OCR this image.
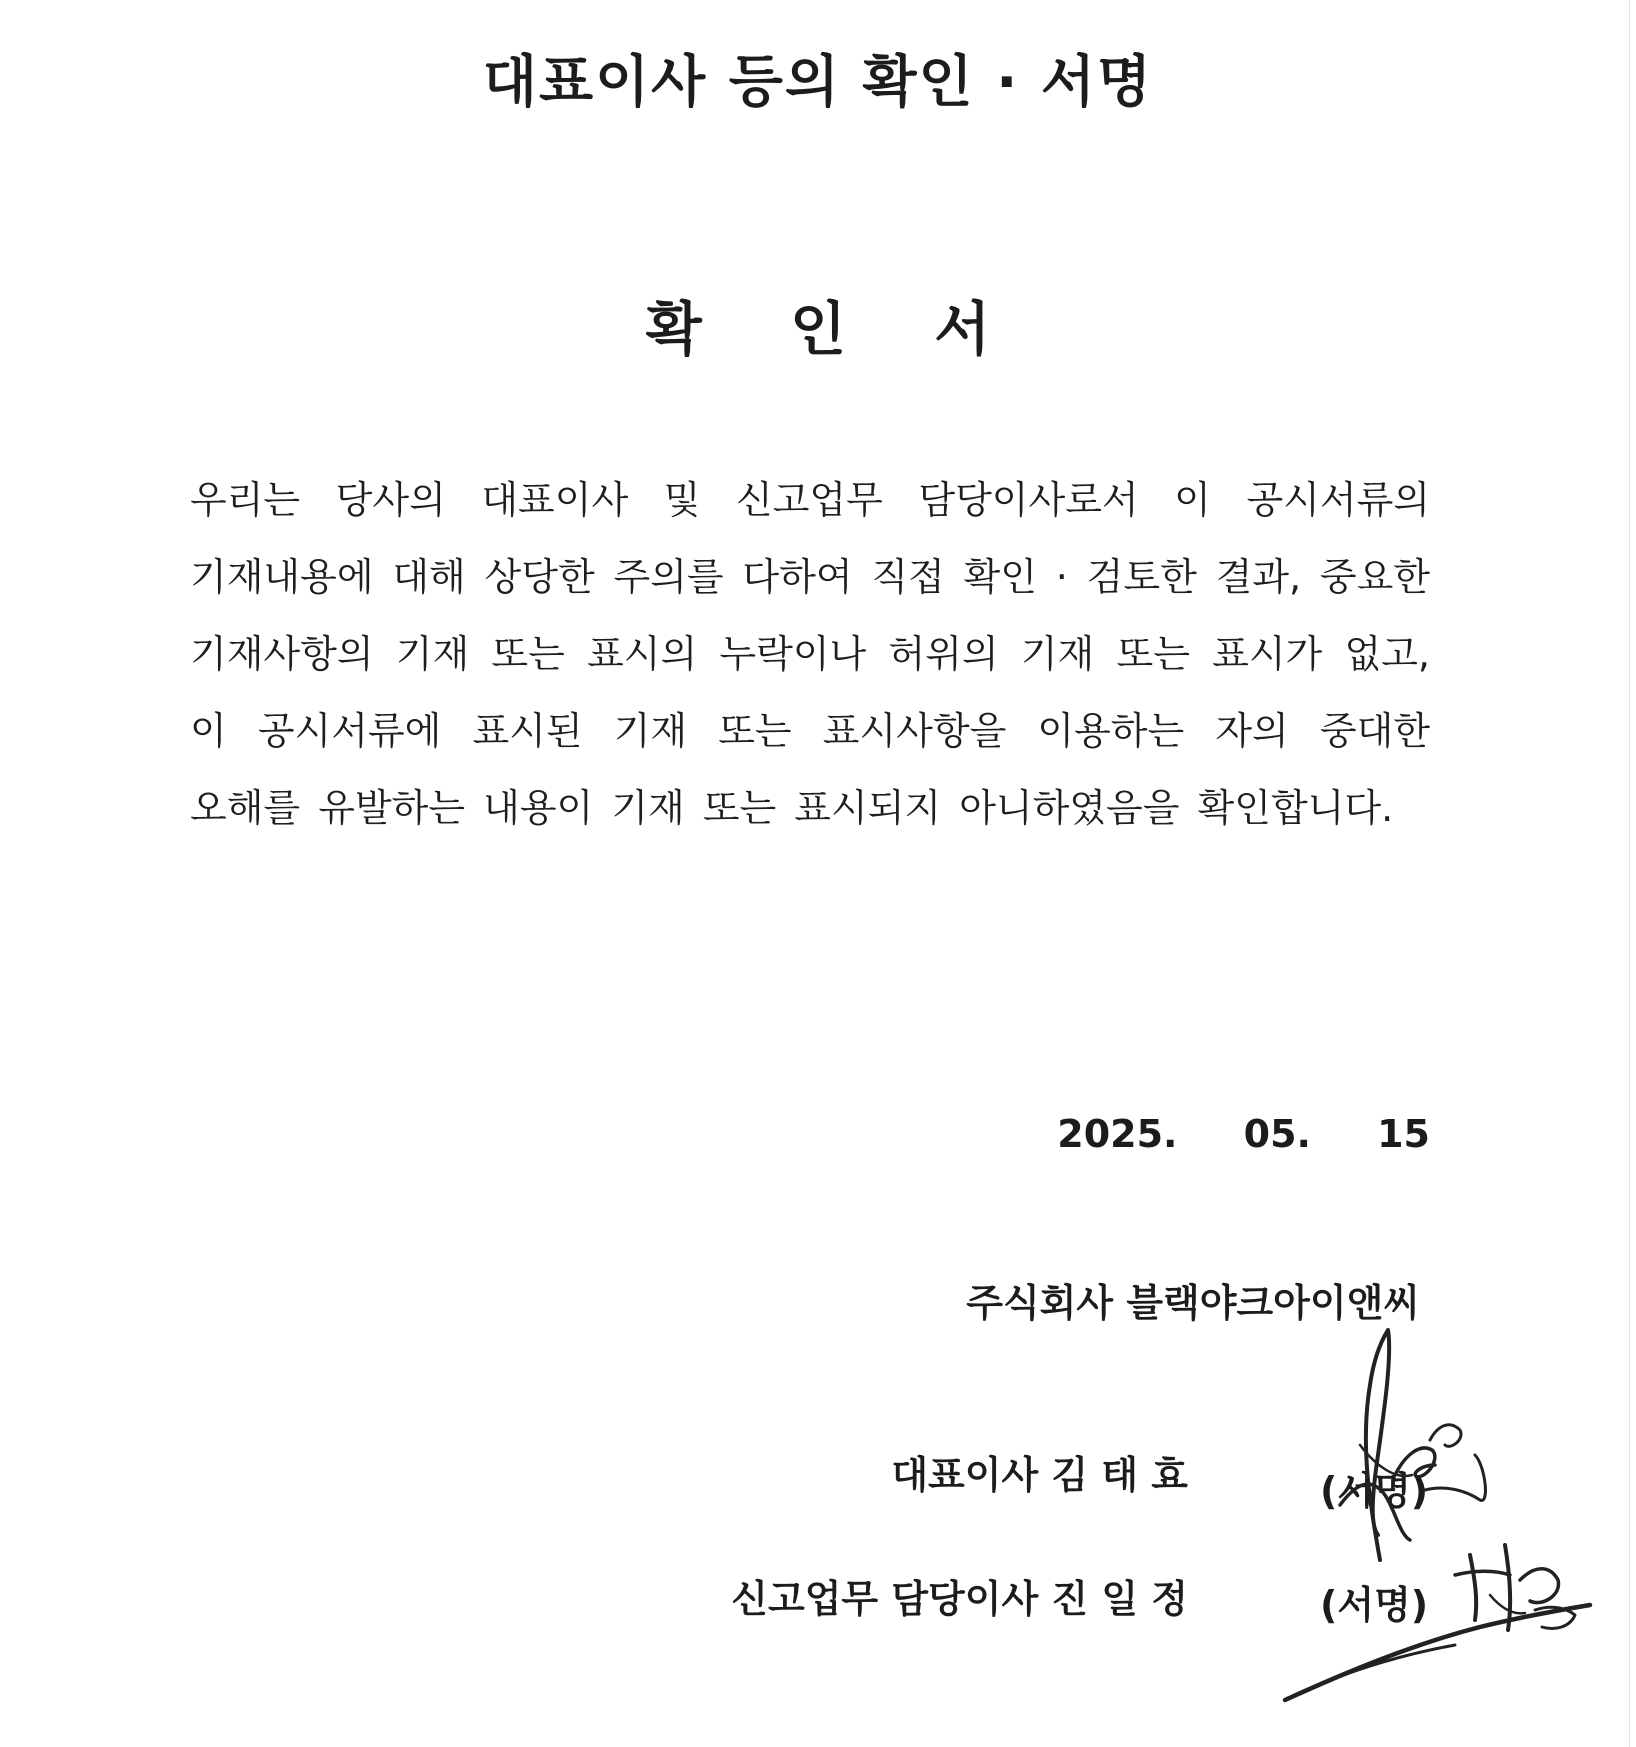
대표이사 등의 확인 · 서명
확 인 서
우리는 당사의 대표이사 및 신고업무 담당이사로서 이 공시서류의 기재내용에 대해 상당한 주의를 다하여 직접 확인 · 검토한 결과, 중요한 기재사항의 기재 또는 표시의 누락이나 허위의 기재 또는 표시가 없고, 이 공시서류에 표시된 기재 또는 표시사항을 이용하는 자의 중대한 오해를 유발하는 내용이 기재 또는 표시되지 아니하였음을 확인합니다.
2025.     05.     15
주식회사 블랙야크아이앤씨
대표이사 김 태 효	(서명)
신고업무 담당이사 진 일 정	(서명)
